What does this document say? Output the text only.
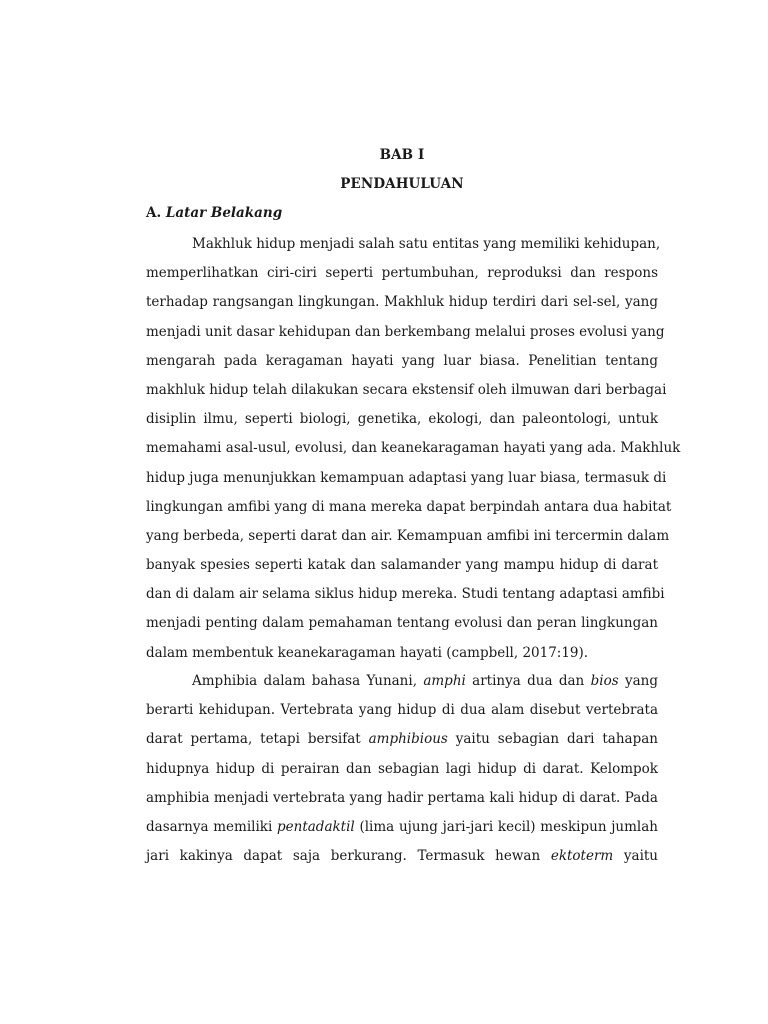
BAB I
PENDAHULUAN
A. Latar Belakang
Makhluk hidup menjadi salah satu entitas yang memiliki kehidupan,
memperlihatkan ciri-ciri seperti pertumbuhan, reproduksi dan respons
terhadap rangsangan lingkungan. Makhluk hidup terdiri dari sel-sel, yang
menjadi unit dasar kehidupan dan berkembang melalui proses evolusi yang
mengarah pada keragaman hayati yang luar biasa. Penelitian tentang
makhluk hidup telah dilakukan secara ekstensif oleh ilmuwan dari berbagai
disiplin ilmu, seperti biologi, genetika, ekologi, dan paleontologi, untuk
memahami asal-usul, evolusi, dan keanekaragaman hayati yang ada. Makhluk
hidup juga menunjukkan kemampuan adaptasi yang luar biasa, termasuk di
lingkungan amfibi yang di mana mereka dapat berpindah antara dua habitat
yang berbeda, seperti darat dan air. Kemampuan amfibi ini tercermin dalam
banyak spesies seperti katak dan salamander yang mampu hidup di darat
dan di dalam air selama siklus hidup mereka. Studi tentang adaptasi amfibi
menjadi penting dalam pemahaman tentang evolusi dan peran lingkungan
dalam membentuk keanekaragaman hayati (campbell, 2017:19).
Amphibia dalam bahasa Yunani, amphi artinya dua dan bios yang
berarti kehidupan. Vertebrata yang hidup di dua alam disebut vertebrata
darat pertama, tetapi bersifat amphibious yaitu sebagian dari tahapan
hidupnya hidup di perairan dan sebagian lagi hidup di darat. Kelompok
amphibia menjadi vertebrata yang hadir pertama kali hidup di darat. Pada
dasarnya memiliki pentadaktil (lima ujung jari-jari kecil) meskipun jumlah
jari kakinya dapat saja berkurang. Termasuk hewan ektoterm yaitu
